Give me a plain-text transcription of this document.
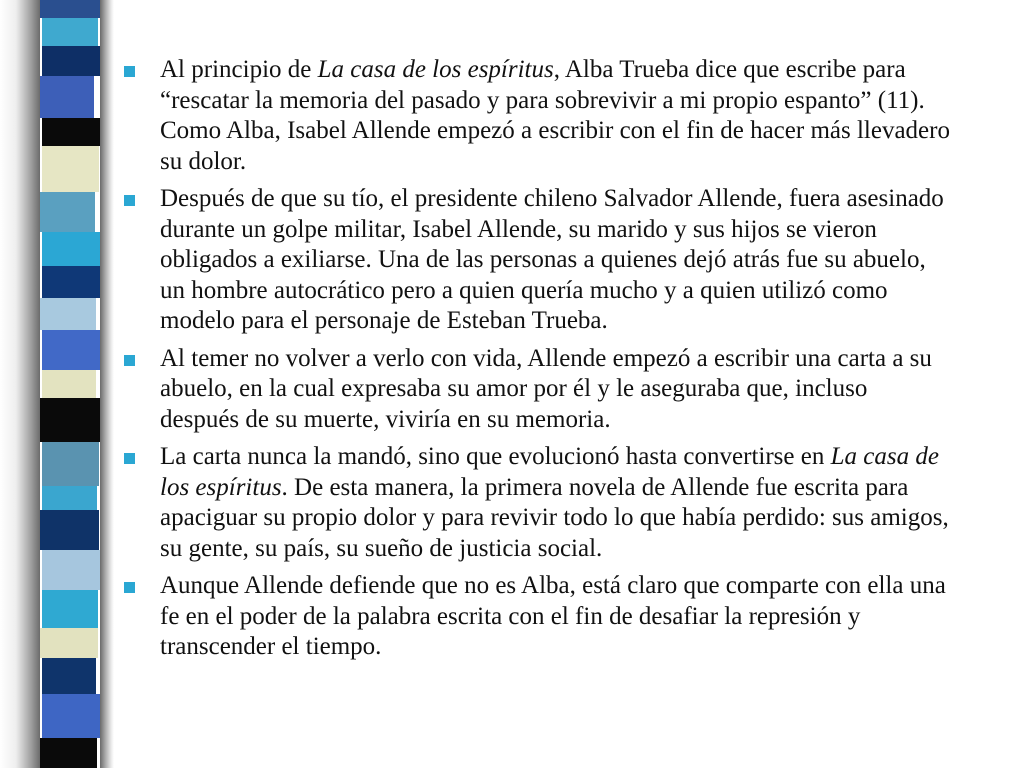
Al principio de La casa de los espíritus, Alba Trueba dice que escribe para “rescatar la memoria del pasado y para sobrevivir a mi propio espanto” (11). Como Alba, Isabel Allende empezó a escribir con el fin de hacer más llevadero su dolor.
Después de que su tío, el presidente chileno Salvador Allende, fuera asesinado durante un golpe militar, Isabel Allende, su marido y sus hijos se vieron obligados a exiliarse. Una de las personas a quienes dejó atrás fue su abuelo, un hombre autocrático pero a quien quería mucho y a quien utilizó como modelo para el personaje de Esteban Trueba.
Al temer no volver a verlo con vida, Allende empezó a escribir una carta a su abuelo, en la cual expresaba su amor por él y le aseguraba que, incluso después de su muerte, viviría en su memoria.
La carta nunca la mandó, sino que evolucionó hasta convertirse en La casa de los espíritus. De esta manera, la primera novela de Allende fue escrita para apaciguar su propio dolor y para revivir todo lo que había perdido: sus amigos, su gente, su país, su sueño de justicia social.
Aunque Allende defiende que no es Alba, está claro que comparte con ella una fe en el poder de la palabra escrita con el fin de desafiar la represión y transcender el tiempo.
